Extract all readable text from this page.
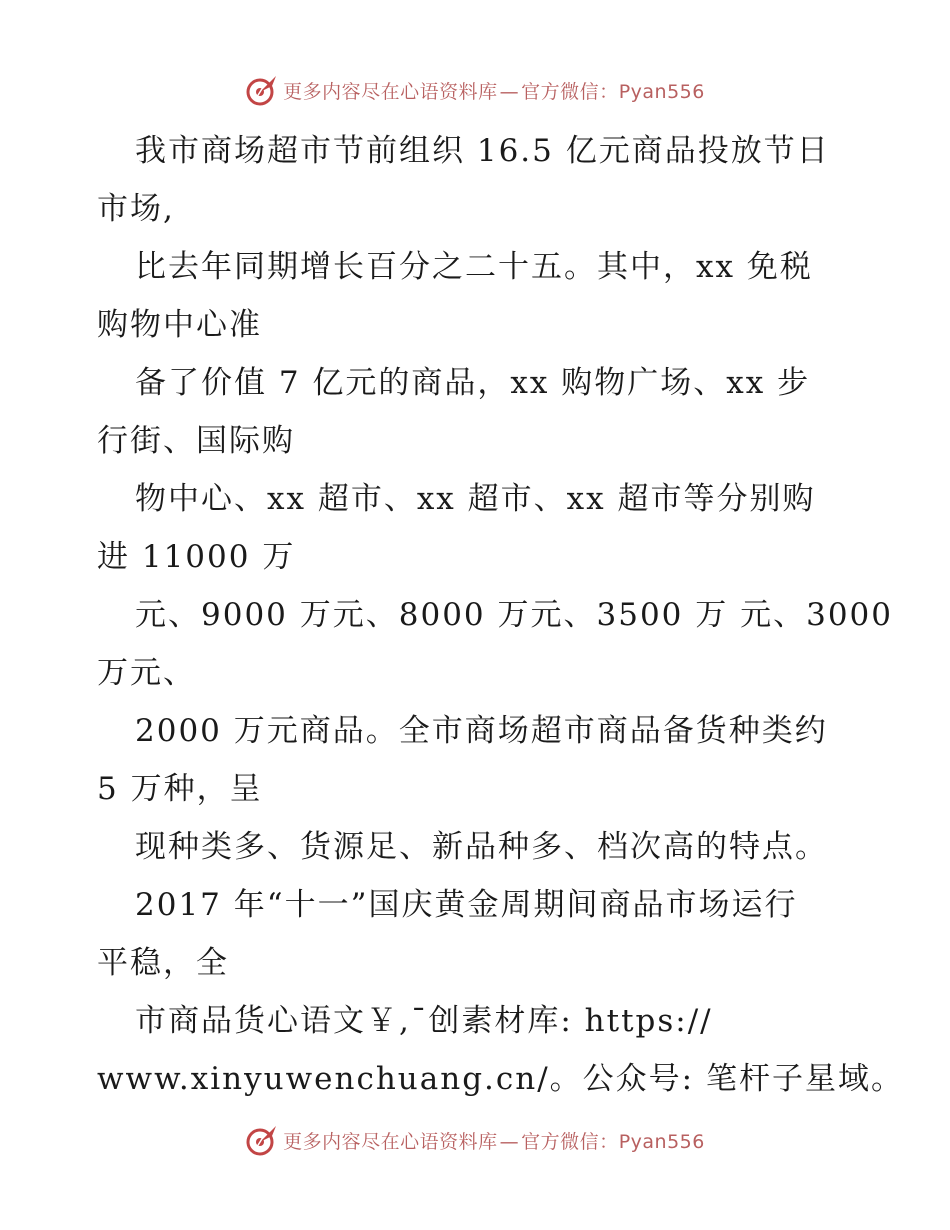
更多内容尽在心语资料库 — 官方微信：Pyan556
我市商场超市节前组织 16.5 亿元商品投放节日
市场,
比去年同期增长百分之二十五。其中，xx 免税
购物中心准
备了价值 7 亿元的商品，xx 购物广场、xx 步
行街、国际购
物中心、xx 超市、xx 超市、xx 超市等分别购
进 11000 万
元、9000 万元、8000 万元、3500 万 元、3000
万元、
2000 万元商品。全市商场超市商品备货种类约
5 万种，呈
现种类多、货源足、新品种多、档次高的特点。
2017 年“十一”国庆黄金周期间商品市场运行
平稳，全
市商品货心语文￥,¯创素材库: https://
www.xinyuwenchuang.cn/。公众号: 笔杆子星域。
更多内容尽在心语资料库 — 官方微信：Pyan556
